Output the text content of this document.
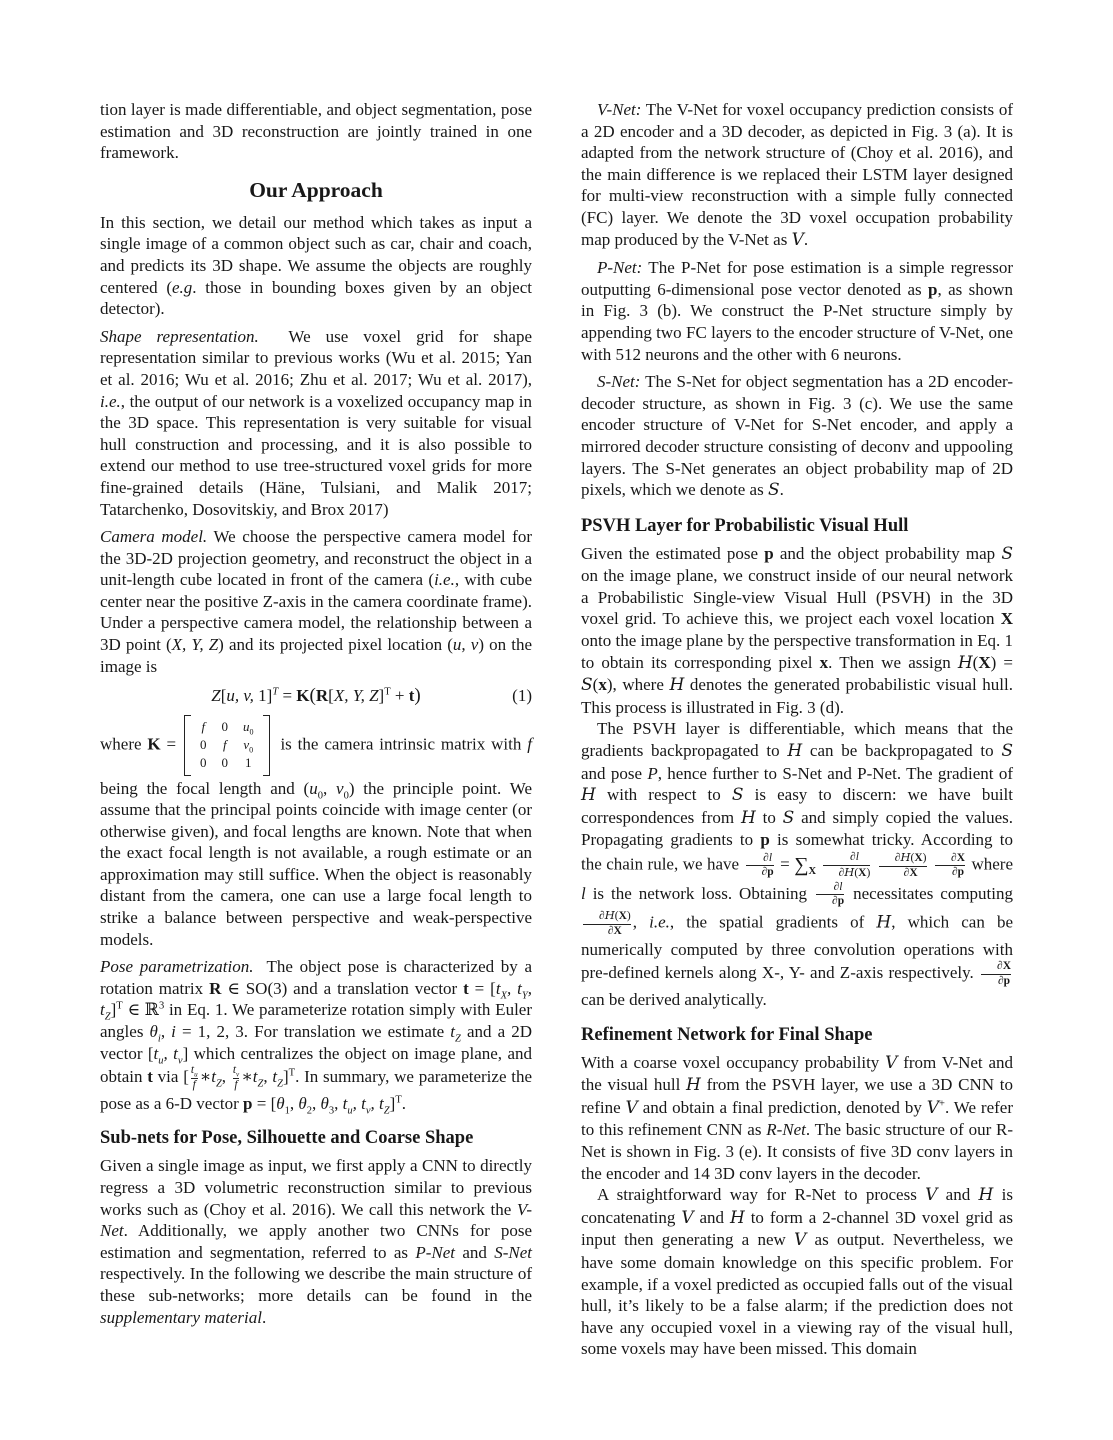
tion layer is made differentiable, and object segmentation, pose estimation and 3D reconstruction are jointly trained in one framework.
Our Approach
In this section, we detail our method which takes as input a single image of a common object such as car, chair and coach, and predicts its 3D shape. We assume the objects are roughly centered (e.g. those in bounding boxes given by an object detector).
Shape representation.  We use voxel grid for shape representation similar to previous works (Wu et al. 2015; Yan et al. 2016; Wu et al. 2016; Zhu et al. 2017; Wu et al. 2017), i.e., the output of our network is a voxelized occupancy map in the 3D space. This representation is very suitable for visual hull construction and processing, and it is also possible to extend our method to use tree-structured voxel grids for more fine-grained details (Häne, Tulsiani, and Malik 2017; Tatarchenko, Dosovitskiy, and Brox 2017)
Camera model. We choose the perspective camera model for the 3D-2D projection geometry, and reconstruct the object in a unit-length cube located in front of the camera (i.e., with cube center near the positive Z-axis in the camera coordinate frame). Under a perspective camera model, the relationship between a 3D point (X, Y, Z) and its projected pixel location (u, v) on the image is
Z[u, v, 1]$^T$ = K(R[X, Y, Z]$^T$ + t)	(1)
where K =
f 0 $u_0$
0 f $v_0$
0 0 1
is the camera intrinsic matrix with f being the focal length and ($u_0$, $v_0$) the principle point. We assume that the principal points coincide with image center (or otherwise given), and focal lengths are known. Note that when the exact focal length is not available, a rough estimate or an approximation may still suffice. When the object is reasonably distant from the camera, one can use a large focal length to strike a balance between perspective and weak-perspective models.
Pose parametrization.  The object pose is characterized by a rotation matrix R ∈ SO(3) and a translation vector $t = [t_X$, $t_Y$, $t_Z]^T$ ∈ ℝ$^3$ in Eq. 1. We parameterize rotation simply with Euler angles $\theta_i$, i = 1, 2, 3. For translation we estimate $t_Z$ and a 2D vector [$t_u$, $t_v$] which centralizes the object on image plane, and obtain t via [ $\frac{t_u}{f}$ $∗t_Z$, $\frac{t_v}{f}$ $∗t_Z$, $t_Z]^T$. In summary, we parameterize the pose as a 6-D vector $p = [\theta_1$, $\theta_2$, $\theta_3$, $t_u$, $t_v$, $t_Z]^T$.
Sub-nets for Pose, Silhouette and Coarse Shape
Given a single image as input, we first apply a CNN to directly regress a 3D volumetric reconstruction similar to previous works such as (Choy et al. 2016). We call this network the V-Net. Additionally, we apply another two CNNs for pose estimation and segmentation, referred to as P-Net and S-Net respectively. In the following we describe the main structure of these sub-networks; more details can be found in the supplementary material.
V-Net: The V-Net for voxel occupancy prediction consists of a 2D encoder and a 3D decoder, as depicted in Fig. 3 (a). It is adapted from the network structure of (Choy et al. 2016), and the main difference is we replaced their LSTM layer designed for multi-view reconstruction with a simple fully connected (FC) layer. We denote the 3D voxel occupation probability map produced by the V-Net as V.
P-Net: The P-Net for pose estimation is a simple regressor outputting 6-dimensional pose vector denoted as p, as shown in Fig. 3 (b). We construct the P-Net structure simply by appending two FC layers to the encoder structure of V-Net, one with 512 neurons and the other with 6 neurons.
S-Net: The S-Net for object segmentation has a 2D encoder-decoder structure, as shown in Fig. 3 (c). We use the same encoder structure of V-Net for S-Net encoder, and apply a mirrored decoder structure consisting of deconv and uppooling layers. The S-Net generates an object probability map of 2D pixels, which we denote as S.
PSVH Layer for Probabilistic Visual Hull
Given the estimated pose p and the object probability map S on the image plane, we construct inside of our neural network a Probabilistic Single-view Visual Hull (PSVH) in the 3D voxel grid. To achieve this, we project each voxel location X onto the image plane by the perspective transformation in Eq. 1 to obtain its corresponding pixel x. Then we assign H(X) = S(x), where H denotes the generated probabilistic visual hull. This process is illustrated in Fig. 3 (d).
The PSVH layer is differentiable, which means that the gradients backpropagated to H can be backpropagated to S and pose P, hence further to S-Net and P-Net. The gradient of H with respect to S is easy to discern: we have built correspondences from H to S and simply copied the values. Propagating gradients to p is somewhat tricky. According to the chain rule, we have $\frac{\partial l}{\partial p} = \sum_X \frac{\partial l}{\partial H(X)}$
$\frac{\partial H(X)}{\partial X}$
$\frac{\partial X}{\partial p}$ where l is the network loss. Obtaining $\frac{\partial l}{\partial p}$ necessitates computing
$\frac{\partial H(X)}{\partial X}$ , i.e., the spatial gradients of H, which can be numerically computed by three convolution operations with pre-defined kernels along X-, Y- and Z-axis respectively. $\frac{\partial X}{\partial p}$
can be derived analytically.
Refinement Network for Final Shape
With a coarse voxel occupancy probability V from V-Net and the visual hull H from the PSVH layer, we use a 3D CNN to refine V and obtain a final prediction, denoted by V+. We refer to this refinement CNN as R-Net. The basic structure of our R-Net is shown in Fig. 3 (e). It consists of five 3D conv layers in the encoder and 14 3D conv layers in the decoder.
A straightforward way for R-Net to process V and H is concatenating V and H to form a 2-channel 3D voxel grid as input then generating a new V as output. Nevertheless, we have some domain knowledge on this specific problem. For example, if a voxel predicted as occupied falls out of the visual hull, it’s likely to be a false alarm; if the prediction does not have any occupied voxel in a viewing ray of the visual hull, some voxels may have been missed. This domain
